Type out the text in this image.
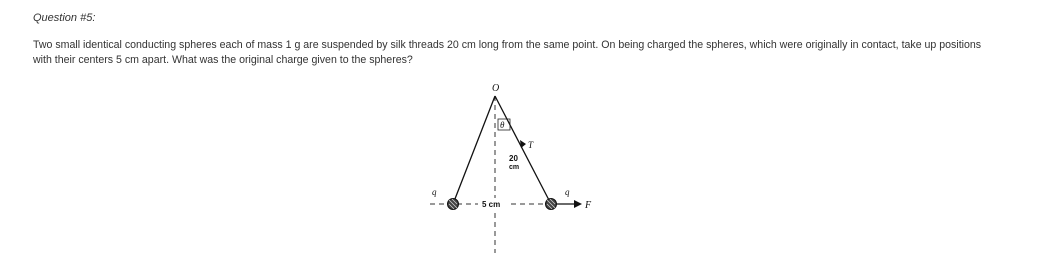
Question #5:
Two small identical conducting spheres each of mass 1 g are suspended by silk threads 20 cm long from the same point. On being charged the spheres, which were originally in contact, take up positions with their centers 5 cm apart. What was the original charge given to the spheres?
O
θ
T
20
cm
5 cm
q	q
F
